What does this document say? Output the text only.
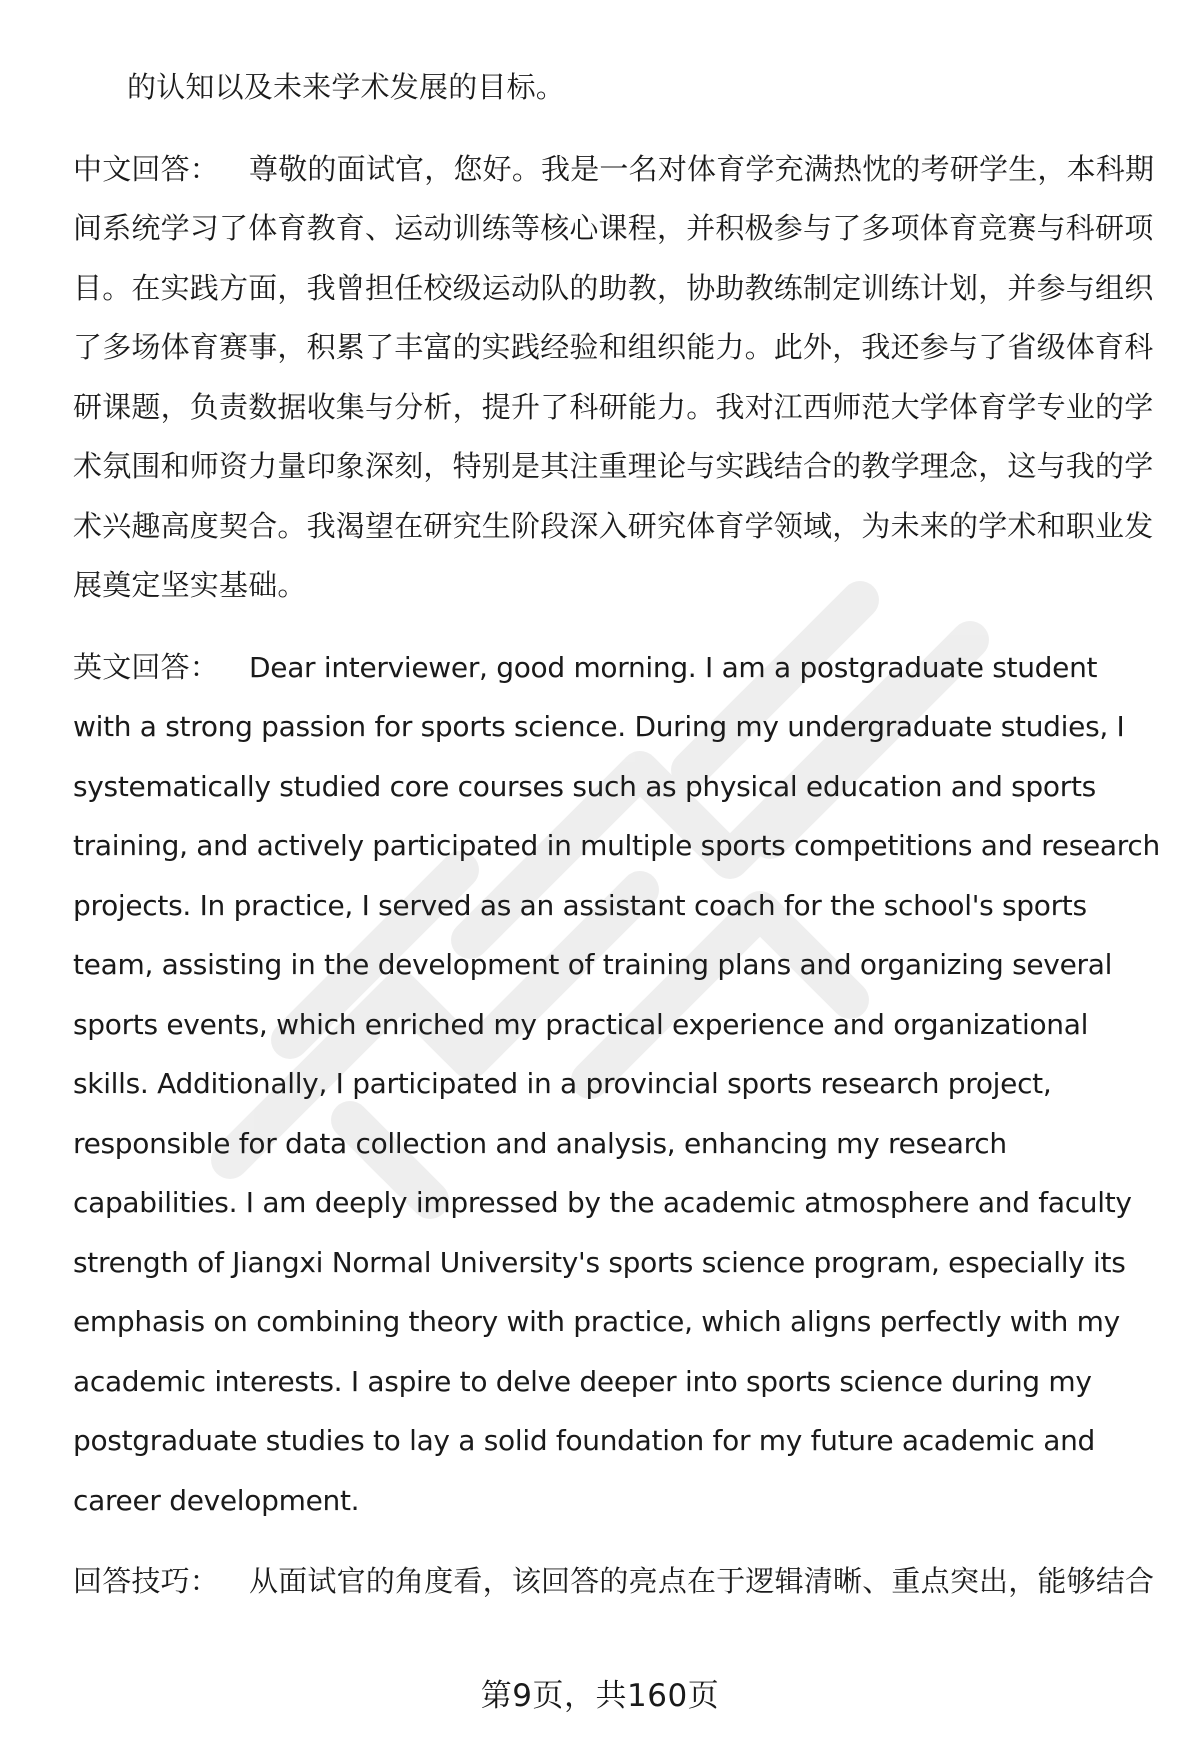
的认知以及未来学术发展的目标。
中文回答： 尊敬的面试官，您好。我是一名对体育学充满热忱的考研学生，本科期间系统学习了体育教育、运动训练等核心课程，并积极参与了多项体育竞赛与科研项目。在实践方面，我曾担任校级运动队的助教，协助教练制定训练计划，并参与组织了多场体育赛事，积累了丰富的实践经验和组织能力。此外，我还参与了省级体育科研课题，负责数据收集与分析，提升了科研能力。我对江西师范大学体育学专业的学术氛围和师资力量印象深刻，特别是其注重理论与实践结合的教学理念，这与我的学术兴趣高度契合。我渴望在研究生阶段深入研究体育学领域，为未来的学术和职业发展奠定坚实基础。
英文回答： Dear interviewer, good morning. I am a postgraduate student with a strong passion for sports science. During my undergraduate studies, I systematically studied core courses such as physical education and sports training, and actively participated in multiple sports competitions and research projects. In practice, I served as an assistant coach for the school's sports team, assisting in the development of training plans and organizing several sports events, which enriched my practical experience and organizational skills. Additionally, I participated in a provincial sports research project, responsible for data collection and analysis, enhancing my research capabilities. I am deeply impressed by the academic atmosphere and faculty strength of Jiangxi Normal University's sports science program, especially its emphasis on combining theory with practice, which aligns perfectly with my academic interests. I aspire to delve deeper into sports science during my postgraduate studies to lay a solid foundation for my future academic and career development.
回答技巧： 从面试官的角度看，该回答的亮点在于逻辑清晰、重点突出，能够结合
第9页，共160页
